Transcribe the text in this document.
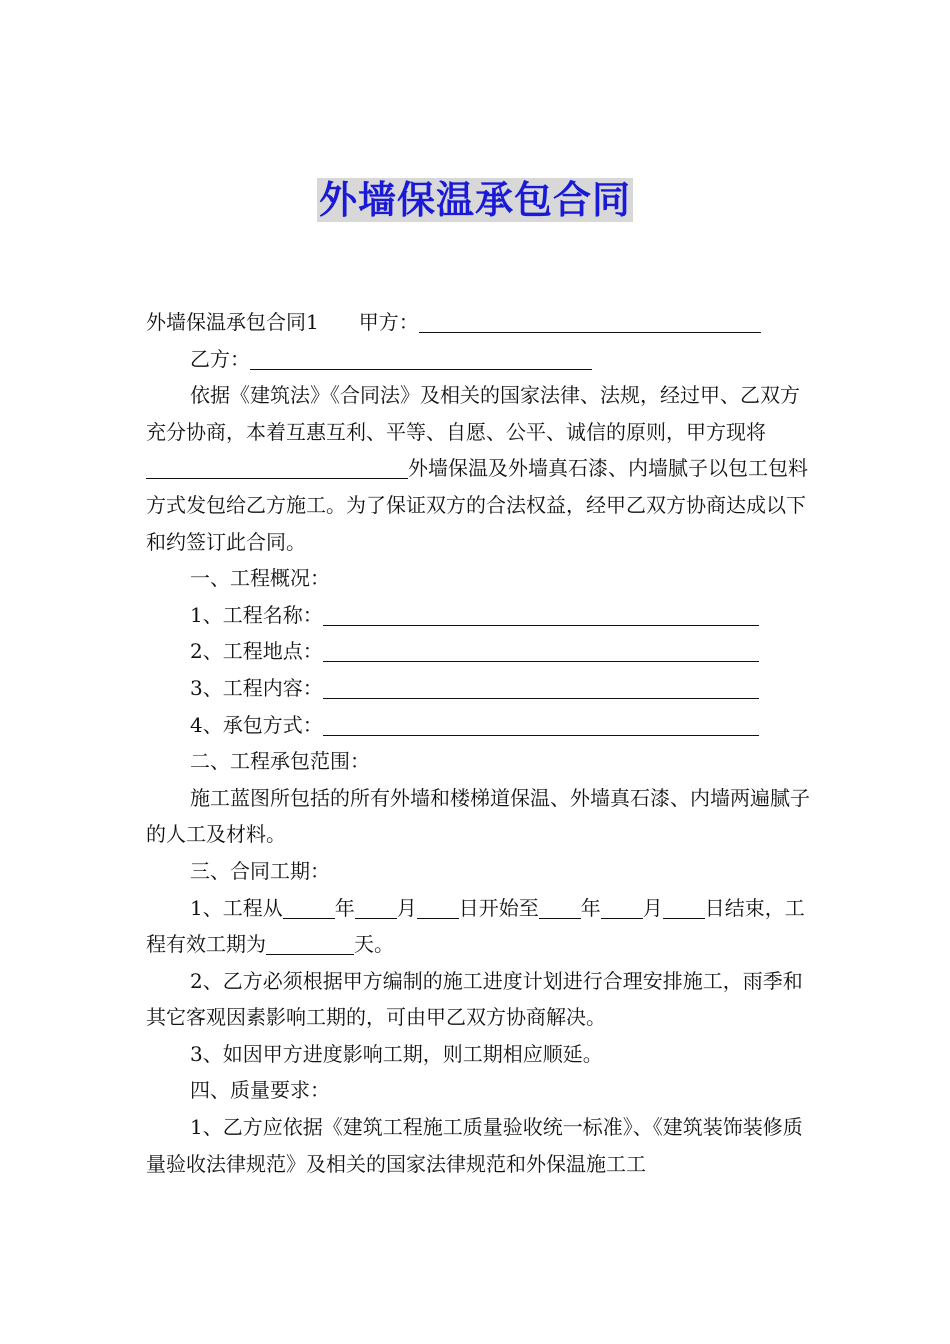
外墙保温承包合同

外墙保温承包合同1 甲方：

乙方：

依据《建筑法》《合同法》及相关的国家法律、法规，经过甲、乙双方充分协商，本着互惠互利、平等、自愿、公平、诚信的原则，甲方现将外墙保温及外墙真石漆、内墙腻子以包工包料方式发包给乙方施工。为了保证双方的合法权益，经甲乙双方协商达成以下和约签订此合同。

一、工程概况：

1、工程名称：

2、工程地点：

3、工程内容：

4、承包方式：

二、工程承包范围：

施工蓝图所包括的所有外墙和楼梯道保温、外墙真石漆、内墙两遍腻子的人工及材料。

三、合同工期：

1、工程从	年 月 日开始至 年 月 日结束，工程有效工期为	天。

2、乙方必须根据甲方编制的施工进度计划进行合理安排施工，雨季和其它客观因素影响工期的，可由甲乙双方协商解决。

3、如因甲方进度影响工期，则工期相应顺延。

四、质量要求：

1、乙方应依据《建筑工程施工质量验收统一标准》、《建筑装饰装修质量验收法律规范》及相关的国家法律规范和外保温施工工
